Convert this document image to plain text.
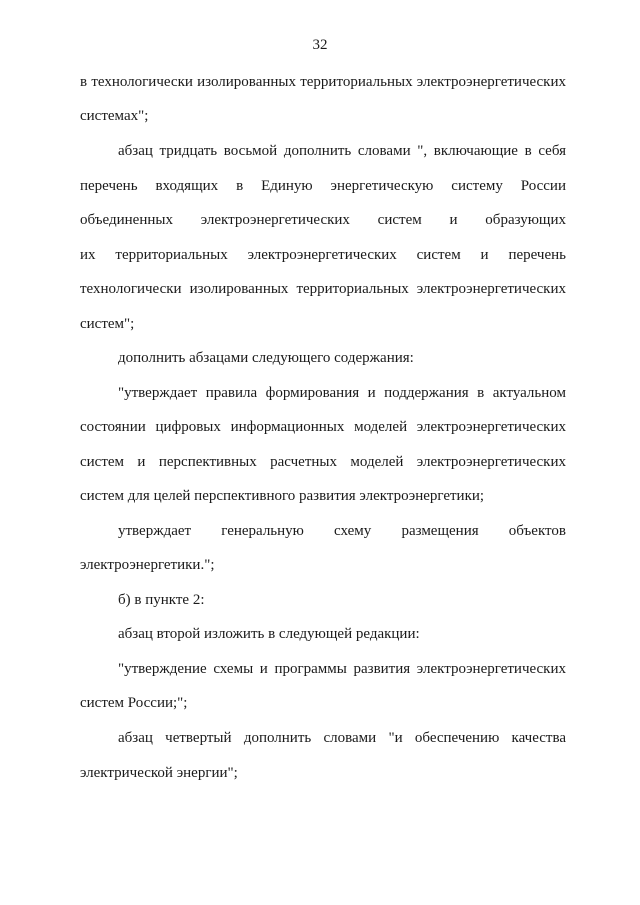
32
в технологически изолированных территориальных электроэнергетических
системах";
абзац тридцать восьмой дополнить словами ", включающие в себя
перечень входящих в Единую энергетическую систему России
объединенных электроэнергетических систем и образующих
их территориальных электроэнергетических систем и перечень
технологически изолированных территориальных электроэнергетических
систем";
дополнить абзацами следующего содержания:
"утверждает правила формирования и поддержания в актуальном
состоянии цифровых информационных моделей электроэнергетических
систем и перспективных расчетных моделей электроэнергетических
систем для целей перспективного развития электроэнергетики;
утверждает генеральную схему размещения объектов
электроэнергетики.";
б) в пункте 2:
абзац второй изложить в следующей редакции:
"утверждение схемы и программы развития электроэнергетических
систем России;";
абзац четвертый дополнить словами "и обеспечению качества
электрической энергии";
